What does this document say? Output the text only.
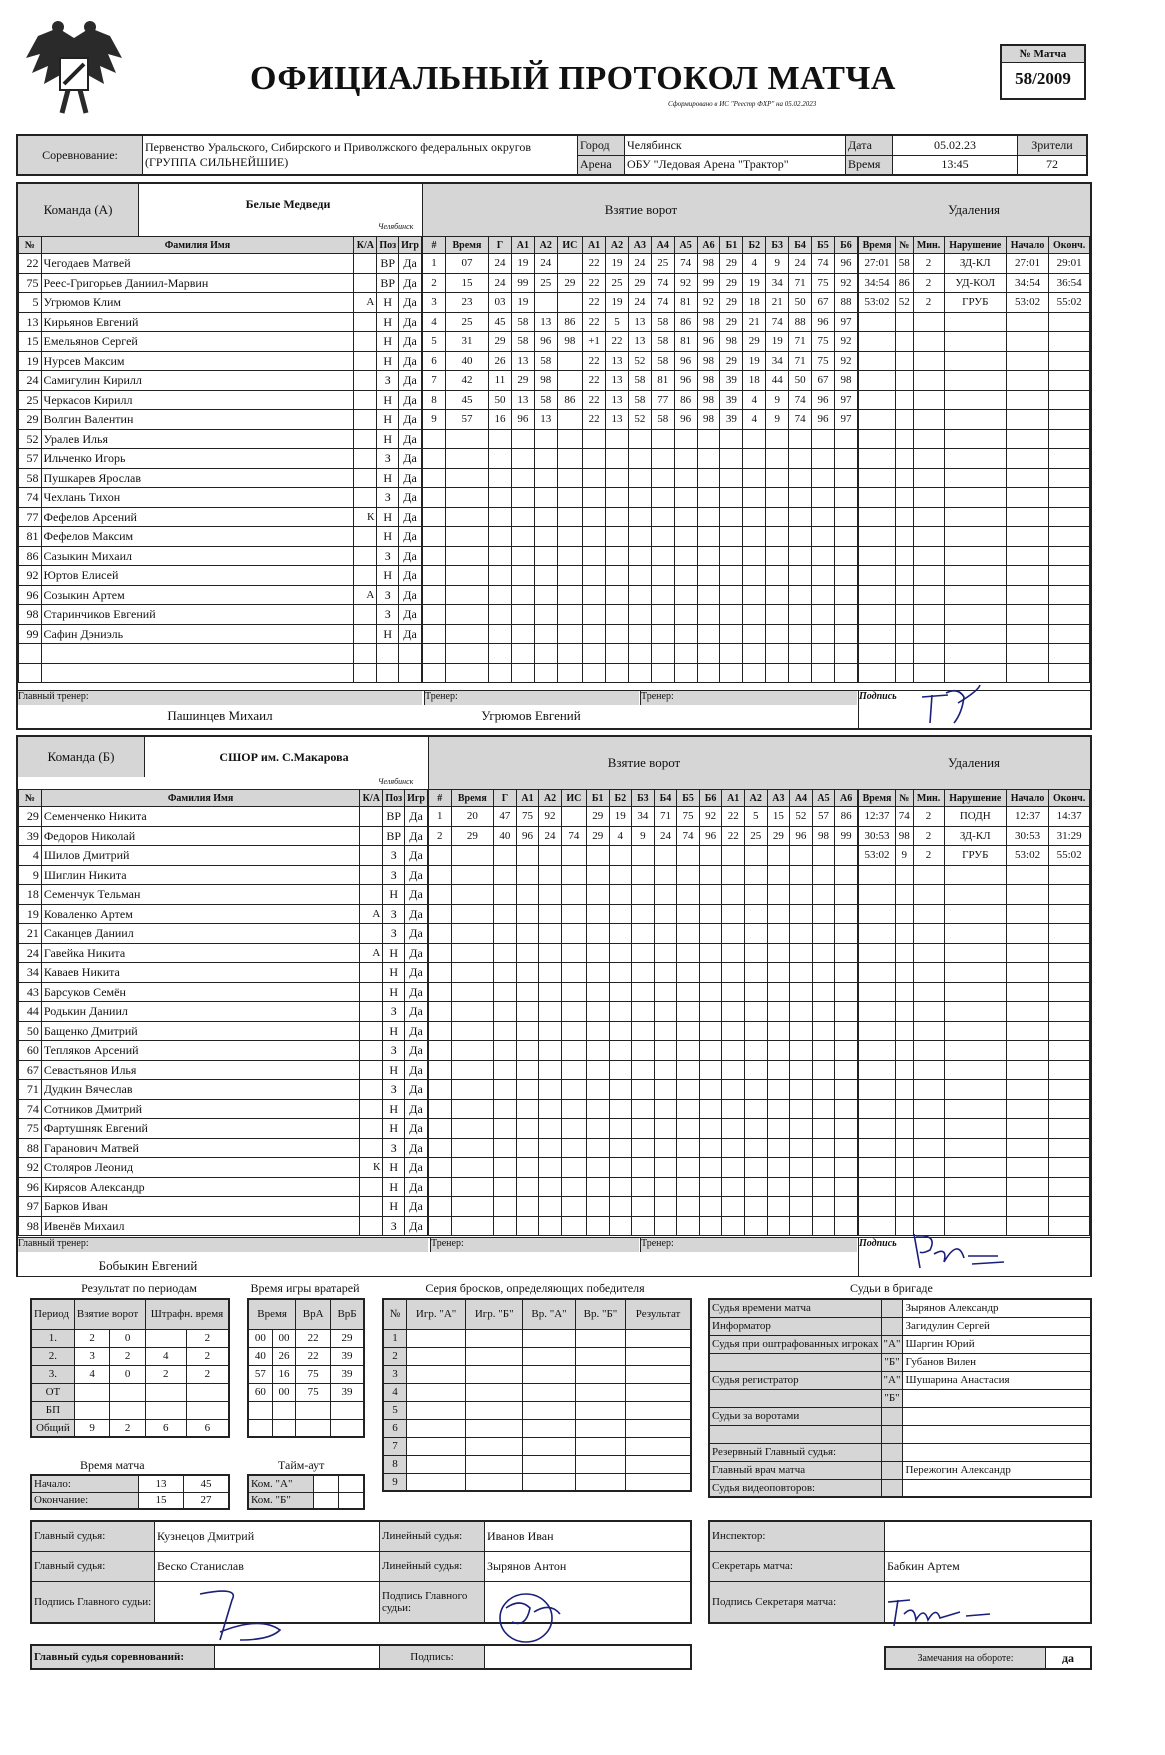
ОФИЦИАЛЬНЫЙ ПРОТОКОЛ МАТЧА
Сформировано в ИС "Реестр ФХР" на 05.02.2023
№ Матча
58/2009
Соревнование:	Первенство Уральского, Сибирского и Приволжского федеральных округов (ГРУППА СИЛЬНЕЙШИЕ)	Город	Челябинск	Дата	05.02.23	Зрители
		Арена	ОБУ "Ледовая Арена "Трактор"	Время	13:45	72
Команда (А)	Белые Медведи
Челябинск
Взятие ворот	Удаления
№	Фамилия Имя	К/А	Поз	Игр
22	Чегодаев Матвей		ВР	Да
75	Реес-Григорьев Даниил-Марвин		ВР	Да
5	Угрюмов Клим	А	Н	Да
13	Кирьянов Евгений		Н	Да
15	Емельянов Сергей		Н	Да
19	Нурсев Максим		Н	Да
24	Самигулин Кирилл		З	Да
25	Черкасов Кирилл		Н	Да
29	Волгин Валентин		Н	Да
52	Уралев Илья		Н	Да
57	Ильченко Игорь		З	Да
58	Пушкарев Ярослав		Н	Да
74	Чехлань Тихон		З	Да
77	Фефелов Арсений	К	Н	Да
81	Фефелов Максим		Н	Да
86	Сазыкин Михаил		З	Да
92	Юртов Елисей		Н	Да
96	Созыкин Артем	А	З	Да
98	Старинчиков Евгений		З	Да
99	Сафин Дэниэль		Н	Да

#	Время	Г	А1	А2	ИС	А1	А2	А3	А4	А5	А6	Б1	Б2	Б3	Б4	Б5	Б6
1	07	24	19	24		22	19	24	25	74	98	29	4	9	24	74	96
2	15	24	99	25	29	22	25	29	74	92	99	29	19	34	71	75	92
3	23	03	19			22	19	24	74	81	92	29	18	21	50	67	88
4	25	45	58	13	86	22	5	13	58	86	98	29	21	74	88	96	97
5	31	29	58	96	98	+1	22	13	58	81	96	98	29	19	71	75	92
6	40	26	13	58		22	13	52	58	96	98	29	19	34	71	75	92
7	42	11	29	98		22	13	58	81	96	98	39	18	44	50	67	98
8	45	50	13	58	86	22	13	58	77	86	98	39	4	9	74	96	97
9	57	16	96	13		22	13	52	58	96	98	39	4	9	74	96	97

Время	№	Мин.	Нарушение	Начало	Оконч.
27:01	58	2	ЗД-КЛ	27:01	29:01
34:54	86	2	УД-КОЛ	34:54	36:54
53:02	52	2	ГРУБ	53:02	55:02

Главный тренер:
Пашинцев Михаил
Тренер:
Угрюмов Евгений
Тренер:	Подпись
Команда (Б)	СШОР им. С.Макарова
Челябинск
Взятие ворот	Удаления
№	Фамилия Имя	К/А	Поз	Игр
29	Семенченко Никита		ВР	Да
39	Федоров Николай		ВР	Да
4	Шилов Дмитрий		З	Да
9	Шиглин Никита		З	Да
18	Семенчук Тельман		Н	Да
19	Коваленко Артем	А	З	Да
21	Саканцев Даниил		З	Да
24	Гавейка Никита	А	Н	Да
34	Каваев Никита		Н	Да
43	Барсуков Семён		Н	Да
44	Родькин Даниил		З	Да
50	Бащенко Дмитрий		Н	Да
60	Тепляков Арсений		З	Да
67	Севастьянов Илья		Н	Да
71	Дудкин Вячеслав		З	Да
74	Сотников Дмитрий		Н	Да
75	Фартушняк Евгений		Н	Да
88	Гаранович Матвей		З	Да
92	Столяров Леонид	К	Н	Да
96	Кирясов Александр		Н	Да
97	Барков Иван		Н	Да
98	Ивенёв Михаил		З	Да
#	Время	Г	А1	А2	ИС	Б1	Б2	Б3	Б4	Б5	Б6	А1	А2	А3	А4	А5	А6
1	20	47	75	92		29	19	34	71	75	92	22	5	15	52	57	86
2	29	40	96	24	74	29	4	9	24	74	96	22	25	29	96	98	99

Время	№	Мин.	Нарушение	Начало	Оконч.
12:37	74	2	ПОДН	12:37	14:37
30:53	98	2	ЗД-КЛ	30:53	31:29
53:02	9	2	ГРУБ	53:02	55:02

Главный тренер:
Бобыкин Евгений
Тренер:	Тренер:	Подпись
Результат по периодам
Период	Взятие ворот		Штрафн. время	
1.	2	0		2
2.	3	2	4	2
3.	4	0	2	2
ОТ				
БП				
Общий	9	2	6	6
Время игры вратарей
Время		ВрА	ВрБ
00	00	22	29
40	26	22	39
57	16	75	39
60	00	75	39

Серия бросков, определяющих победителя
№	Игр. "А"	Игр. "Б"	Вр. "А"	Вр. "Б"	Результат
1					
2					
3					
4					
5					
6					
7					
8					
9					
Время матча
Начало:	13	45
Окончание:	15	27
Тайм-аут
Ком. "А"		
Ком. "Б"		
Судьи в бригаде
Судья времени матча		Зырянов Александр
Информатор		Загидулин Сергей
Судья при оштрафованных игроках	"А"	Шаргин Юрий
	"Б"	Губанов Вилен
Судья регистратор	"А"	Шушарина Анастасия
	"Б"	
Судьи за воротами		

Резервный Главный судья:		
Главный врач матча		Пережогин Александр
Судья видеоповторов:		
Главный судья:	Кузнецов Дмитрий	Линейный судья:	Иванов Иван
Главный судья:	Веско Станислав	Линейный судья:	Зырянов Антон
Подпись Главного судьи:		Подпись Главного судьи:	
Инспектор:	
Секретарь матча:	Бабкин Артем
Подпись Секретаря матча:	
Главный судья соревнований:		Подпись:		Замечания на обороте:	да
